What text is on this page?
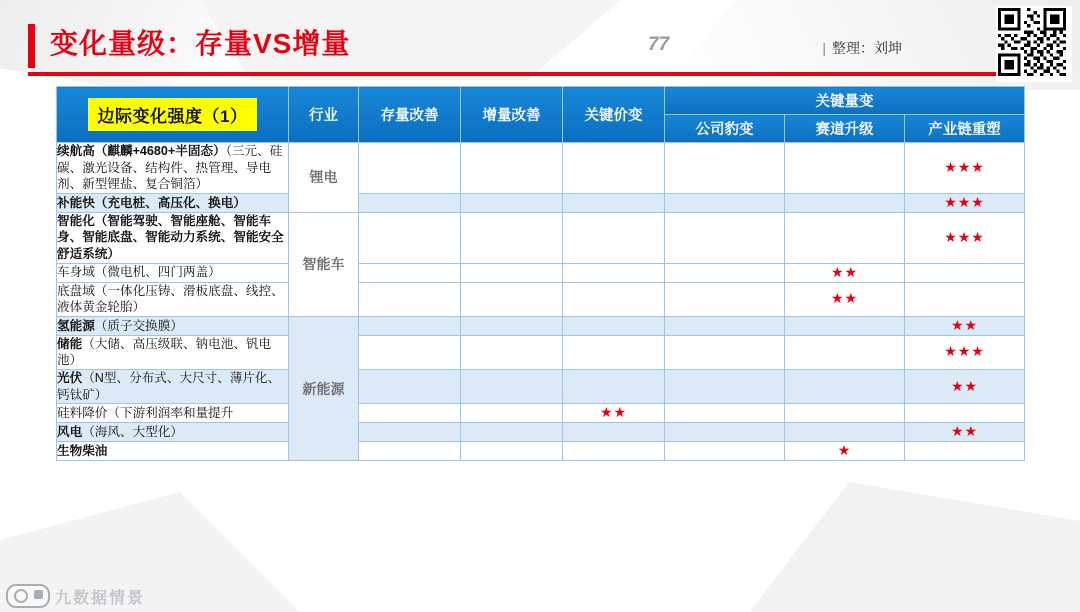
变化量级：存量VS增量	77	| 整理：刘坤
边际变化强度（1）	行业	存量改善	增量改善	关键价变	关键量变		
					公司豹变	赛道升级	产业链重塑
续航高（麒麟+4680+半固态）（三元、硅碳、激光设备、结构件、热管理、导电剂、新型锂盐、复合铜箔）	锂电						★★★
补能快（充电桩、高压化、换电）							★★★
智能化（智能驾驶、智能座舱、智能车身、智能底盘、智能动力系统、智能安全舒适系统）	智能车						★★★
车身域（微电机、四门两盖）						★★	
底盘域（一体化压铸、滑板底盘、线控、液体黄金轮胎）						★★	
氢能源（质子交换膜）	新能源						★★
储能（大储、高压级联、钠电池、钒电池）							★★★
光伏（N型、分布式、大尺寸、薄片化、钙钛矿）							★★
硅料降价（下游利润率和量提升				★★			
风电（海风、大型化）							★★
生物柴油						★	
九数据情景
